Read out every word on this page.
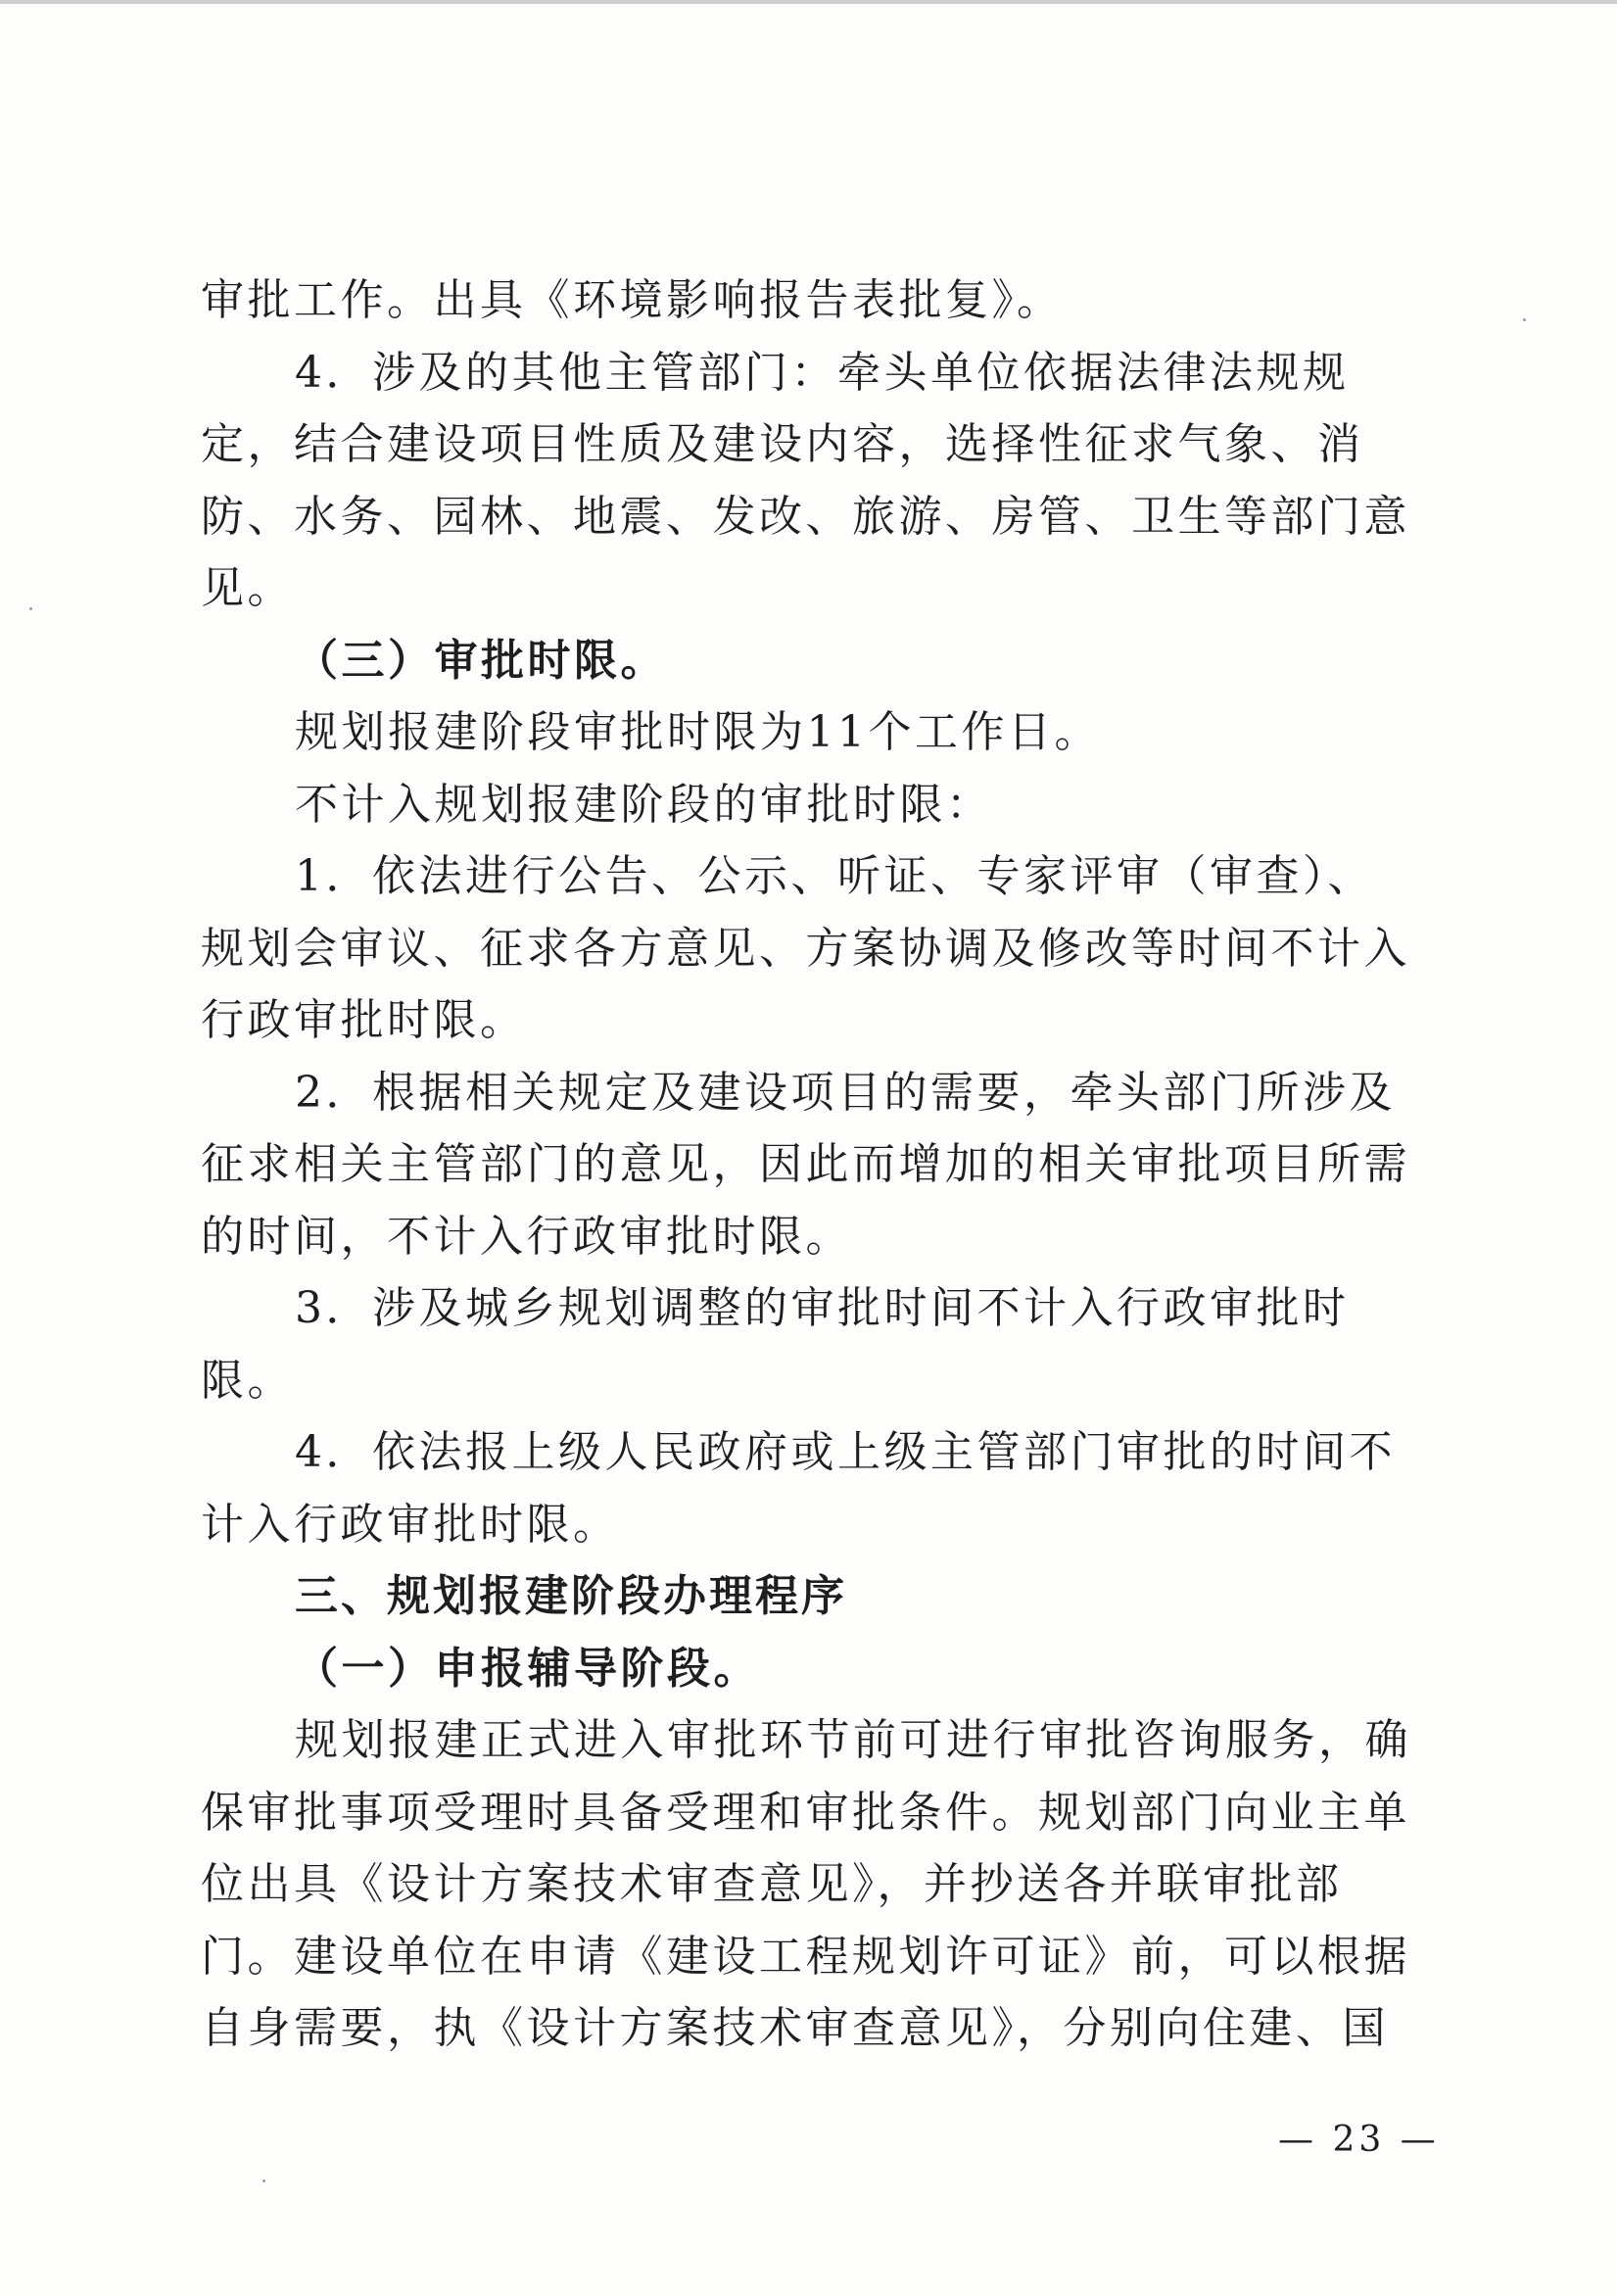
审批工作。出具《环境影响报告表批复》。
4．涉及的其他主管部门：牵头单位依据法律法规规
定，结合建设项目性质及建设内容，选择性征求气象、消
防、水务、园林、地震、发改、旅游、房管、卫生等部门意
见。
（三）审批时限。
规划报建阶段审批时限为11个工作日。
不计入规划报建阶段的审批时限：
1．依法进行公告、公示、听证、专家评审（审查）、
规划会审议、征求各方意见、方案协调及修改等时间不计入
行政审批时限。
2．根据相关规定及建设项目的需要，牵头部门所涉及
征求相关主管部门的意见，因此而增加的相关审批项目所需
的时间，不计入行政审批时限。
3．涉及城乡规划调整的审批时间不计入行政审批时
限。
4．依法报上级人民政府或上级主管部门审批的时间不
计入行政审批时限。
三、规划报建阶段办理程序
（一）申报辅导阶段。
规划报建正式进入审批环节前可进行审批咨询服务，确
保审批事项受理时具备受理和审批条件。规划部门向业主单
位出具《设计方案技术审查意见》，并抄送各并联审批部
门。建设单位在申请《建设工程规划许可证》前，可以根据
自身需要，执《设计方案技术审查意见》，分别向住建、国
— 23 —
